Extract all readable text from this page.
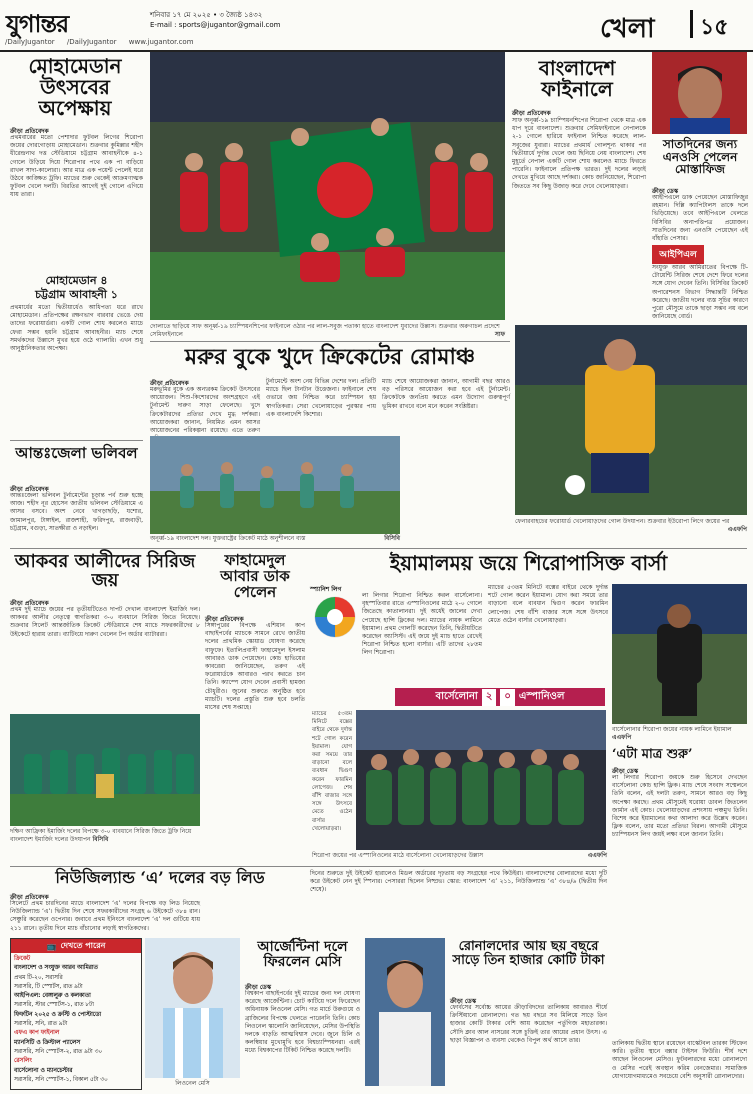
যুগান্তর	শনিবার ১৭ মে ২০২৫ • ৩ জ্যৈষ্ঠ ১৪৩২
E-mail : sports@jugantor@gmail.com
/DailyJugantor /DailyJugantor www.jugantor.com	খেলা ১৫
মোহামেডান উৎসবের অপেক্ষায়
ক্রীড়া প্রতিবেদক
প্রথমবারের মতো পেশাদার ফুটবল লিগের শিরোপা জয়ের দোরগোড়ায় মোহামেডান। শুক্রবার কুমিল্লার শহীদ ধীরেন্দ্রনাথ দত্ত স্টেডিয়ামে চট্টগ্রাম আবাহনীকে ৪-১ গোলে উড়িয়ে দিয়ে শিরোপার পথে এক পা বাড়িয়ে রাখল সাদা-কালোরা। আর মাত্র এক পয়েন্ট পেলেই ঘরে উঠবে কাঙ্ক্ষিত ট্রফি। ম্যাচের শুরু থেকেই আক্রমণাত্মক ফুটবল খেলে দলটি। বিরতির আগেই দুই গোলে এগিয়ে যায় তারা।
মোহামেডান ৪
চট্টগ্রাম আবাহনী ১
প্রথমার্ধের মতো দ্বিতীয়ার্ধেও আধিপত্য ধরে রাখে মোহামেডান। প্রতিপক্ষের রক্ষণভাগ বারবার ভেঙে দেয় তাদের ফরোয়ার্ডরা। একটি গোল শোধ করলেও ম্যাচে ফেরা সম্ভব হয়নি চট্টগ্রাম আবাহনীর। ম্যাচ শেষে সমর্থকদের উল্লাসে মুখর হয়ে ওঠে গ্যালারি। এখন শুধু আনুষ্ঠানিকতার অপেক্ষা।
আন্তঃজেলা ভলিবল
ক্রীড়া প্রতিবেদক
আন্তঃজেলা ভলিবল টুর্নামেন্টের চূড়ান্ত পর্ব শুরু হচ্ছে আজ। শহীদ নূর হোসেন জাতীয় ভলিবল স্টেডিয়ামে এ আসর বসবে। অংশ নেবে খাগড়াছড়ি, যশোর, জামালপুর, টাঙ্গাইল, রাজশাহী, ফরিদপুর, রাজবাড়ী, চট্টগ্রাম, বগুড়া, সাতক্ষীরা ও নড়াইল।
দোলাতে ছাড়িয়ে সাফ অনূর্ধ্ব-১৯ চ্যাম্পিয়নশিপের ফাইনালে ওঠার পর লাল-সবুজ পতাকা হাতে বাংলাদেশ যুবাদের উল্লাস। শুক্রবার অরুণাচল প্রদেশে সেমিফাইনালে	সাফ
বাংলাদেশ ফাইনালে
ক্রীড়া প্রতিবেদক
সাফ অনূর্ধ্ব-১৯ চ্যাম্পিয়নশিপের শিরোপা থেকে মাত্র এক ধাপ দূরে বাংলাদেশ। শুক্রবার সেমিফাইনালে নেপালকে ২-১ গোলে হারিয়ে ফাইনাল নিশ্চিত করেছে লাল-সবুজের যুবারা। ম্যাচের প্রথমার্ধ গোলশূন্য থাকার পর দ্বিতীয়ার্ধে দুর্দান্ত খেলে জয় ছিনিয়ে নেয় বাংলাদেশ। শেষ মুহূর্তে নেপাল একটি গোল শোধ করলেও ম্যাচে ফিরতে পারেনি। ফাইনালে প্রতিপক্ষ ভারত। দুই দলের লড়াই দেখতে মুখিয়ে আছে দর্শকরা। কোচ জানিয়েছেন, শিরোপা জিততে সব কিছু উজাড় করে দেবে খেলোয়াড়রা।
সাতদিনের জন্য এনওসি পেলেন মোস্তাফিজ
ক্রীড়া ডেস্ক
আইপিএলে ডাক পেয়েছেন মোস্তাফিজুর রহমান। দিল্লি ক্যাপিটালস তাকে দলে ভিড়িয়েছে। তবে আইপিএলে খেলতে বিসিবির অনাপত্তিপত্র প্রয়োজন। সাতদিনের জন্য এনওসি পেয়েছেন এই বাঁহাতি পেসার।
আইপিএল
সংযুক্ত আরব আমিরাতের বিপক্ষে টি-টোয়েন্টি সিরিজ শেষে দেশে ফিরে দলের সঙ্গে যোগ দেবেন তিনি। বিসিবির ক্রিকেট অপারেশনস বিভাগ সিদ্ধান্তটি নিশ্চিত করেছে। জাতীয় দলের ব্যস্ত সূচির কারণে পুরো মৌসুমে তাকে ছাড়া সম্ভব নয় বলে জানিয়েছে বোর্ড।
মরুর বুকে খুদে ক্রিকেটের রোমাঞ্চ
ক্রীড়া প্রতিবেদক
মরুভূমির বুকে এক অন্যরকম ক্রিকেট উৎসবের আয়োজন। শিশু-কিশোরদের অংশগ্রহণে এই টুর্নামেন্ট দারুণ সাড়া ফেলেছে। খুদে ক্রিকেটারদের প্রতিভা দেখে মুগ্ধ দর্শকরা। আয়োজকরা জানান, নিয়মিত এমন আসর আয়োজনের পরিকল্পনা রয়েছে। এতে তরুণ
টুর্নামেন্টে অংশ নেয় বিভিন্ন দেশের দল। প্রতিটি ম্যাচে ছিল টানটান উত্তেজনা। ফাইনালে শেষ ওভারে জয় নিশ্চিত করে চ্যাম্পিয়ন হয় স্বাগতিকরা। সেরা খেলোয়াড়ের পুরস্কার পায় এক বাংলাদেশি কিশোর।
ম্যাচ শেষে আয়োজকরা জানান, আগামী বছর আরও বড় পরিসরে আয়োজন করা হবে এই টুর্নামেন্ট। ক্রিকেটকে জনপ্রিয় করতে এমন উদ্যোগ গুরুত্বপূর্ণ ভূমিকা রাখবে বলে মনে করেন সংশ্লিষ্টরা।
অনূর্ধ্ব-১৯ বাংলাদেশ দল। যুক্তরাষ্ট্রের ক্রিকেট মাঠে অনুশীলনে ব্যস্ত	বিসিবি
ফেনারবাহচের ফরোয়ার্ড খেলোয়াড়দের গোল উদযাপন। শুক্রবার ইউরোপা লিগে জয়ের পর
এএফপি
আকবর আলীদের সিরিজ জয়
ক্রীড়া প্রতিবেদক
প্রথম দুই ম্যাচে জয়ের পর তৃতীয়টিতেও দাপট দেখাল বাংলাদেশ ইমার্জিং দল। আকবর আলীর নেতৃত্বে স্বাগতিকরা ৩-০ ব্যবধানে সিরিজ জিতে নিয়েছে। শুক্রবার সিলেট আন্তর্জাতিক ক্রিকেট স্টেডিয়ামে শেষ ম্যাচে সফরকারীদের ৮ উইকেটে হারায় তারা। ব্যাটিংয়ে দারুণ খেলেন টপ অর্ডার ব্যাটাররা।
দক্ষিণ আফ্রিকা ইমার্জিং দলের বিপক্ষে ৩-০ ব্যবধানে সিরিজ জিতে ট্রফি নিয়ে বাংলাদেশ ইমার্জিং দলের উদযাপন বিসিবি
ফাহামেদুল আবার ডাক পেলেন
ক্রীড়া প্রতিবেদক
সিঙ্গাপুরের বিপক্ষে এশিয়ান কাপ বাছাইপর্বের ম্যাচকে সামনে রেখে জাতীয় দলের প্রাথমিক স্কোয়াড ঘোষণা করেছে বাফুফে। ইতালিপ্রবাসী ফাহামেদুল ইসলাম আবারও ডাক পেয়েছেন। কোচ হাভিয়ের কাবরেরা জানিয়েছেন, তরুণ এই ফরোয়ার্ডকে আবারও পরখ করতে চান তিনি। ক্যাম্পে যোগ দেবেন প্রবাসী হামজা চৌধুরীও। জুনের শুরুতে অনুষ্ঠিত হবে ম্যাচটি। দলের প্রস্তুতি শুরু হবে চলতি মাসের শেষ সপ্তাহে।
ইয়ামালময় জয়ে শিরোপাসিক্ত বার্সা
স্প্যানিশ লিগ
লা লিগার শিরোপা নিশ্চিত করল বার্সেলোনা। বৃহস্পতিবার রাতে এস্পানিওলের মাঠে ২-০ গোলে জিতেছে কাতালানরা। দুই অর্ধেই জালের দেখা পেয়েছে হান্সি ফ্লিকের দল। ম্যাচের নায়ক লামিনে ইয়ামাল। প্রথম গোলটি করেছেন তিনি, দ্বিতীয়টিতে করেছেন অ্যাসিস্ট। এই জয়ে দুই ম্যাচ হাতে রেখেই শিরোপা নিশ্চিত হলো বার্সার। এটি তাদের ২৮তম লিগ শিরোপা।
ম্যাচের ৫৩তম মিনিটে বক্সের বাইরে থেকে দুর্দান্ত শটে গোল করেন ইয়ামাল। যোগ করা সময়ে তার বাড়ানো বলে ব্যবধান দ্বিগুণ করেন ফারমিন লোপেজ। শেষ বাঁশি বাজার সঙ্গে সঙ্গে উৎসবে মেতে ওঠেন বার্সার খেলোয়াড়রা।
বার্সেলোনা ২	০ এস্পানিওল
বার্সেলোনার শিরোপা জয়ের নায়ক লামিনে ইয়ামাল এএফপি
‘এটা মাত্র শুরু’
ক্রীড়া ডেস্ক
লা লিগার শিরোপা জয়কে শুরু হিসেবে দেখছেন বার্সেলোনা কোচ হান্সি ফ্লিক। ম্যাচ শেষে সংবাদ সম্মেলনে তিনি বলেন, এই দলটা তরুণ, সামনে আরও বড় কিছু অপেক্ষা করছে। প্রথম মৌসুমেই ঘরোয়া ডাবল জিতলেন জার্মান এই কোচ। খেলোয়াড়দের প্রশংসায় পঞ্চমুখ তিনি। বিশেষ করে ইয়ামালের কথা আলাদা করে উল্লেখ করেন। ফ্লিক বলেন, তার মতো প্রতিভা বিরল। আগামী মৌসুমে চ্যাম্পিয়নস লিগ জয়ই লক্ষ্য বলে জানান তিনি।
ম্যাচের ৫৩তম মিনিটে বক্সের বাইরে থেকে দুর্দান্ত শটে গোল করেন ইয়ামাল। যোগ করা সময়ে তার বাড়ানো বলে ব্যবধান দ্বিগুণ করেন ফারমিন লোপেজ। শেষ বাঁশি বাজার সঙ্গে সঙ্গে উৎসবে মেতে ওঠেন বার্সার খেলোয়াড়রা।
শিরোপা জয়ের পর এস্পানিওলের মাঠে বার্সেলোনা খেলোয়াড়দের উল্লাস	এএফপি
নিউজিল্যান্ড ‘এ’ দলের বড় লিড
ক্রীড়া প্রতিবেদক
সিলেটে প্রথম চারদিনের ম্যাচে বাংলাদেশ ‘এ’ দলের বিপক্ষে বড় লিড নিয়েছে নিউজিল্যান্ড ‘এ’। দ্বিতীয় দিন শেষে সফরকারীদের সংগ্রহ ৬ উইকেটে ৩৮৪ রান। সেঞ্চুরি করেছেন ওপেনার। জবাবে প্রথম ইনিংসে বাংলাদেশ ‘এ’ দল গুটিয়ে যায় ২১১ রানে। তৃতীয় দিনে ম্যাচ বাঁচানোর লড়াই স্বাগতিকদের।
দিনের শুরুতে দুই উইকেট হারালেও মিডল অর্ডারের দৃঢ়তায় বড় সংগ্রহের পথে কিউইরা। বাংলাদেশের বোলারদের মধ্যে দুটি করে উইকেট নেন দুই স্পিনার। পেসাররা ছিলেন নিষ্প্রভ। স্কোর: বাংলাদেশ ‘এ’ ২১১, নিউজিল্যান্ড ‘এ’ ৩৮৪/৬ (দ্বিতীয় দিন শেষে)।
📺 দেখতে পারেন
ক্রিকেট
বাংলাদেশ ও সংযুক্ত আরব আমিরাত
প্রথম টি-২০, সরাসরি
সরাসরি, টি স্পোর্টস, রাত ৯টা
আইপিএল: বেঙ্গালুরু ও কলকাতা
সরাসরি, স্টার স্পোর্টস-১, রাত ৮টা
ফিফটিন ২০২৫ ও ক্রস্টি ও পোস্টাডো
সরাসরি, সনি, রাত ৯টা
এফএ কাপ ফাইনাল
ম্যানসিটি ও ক্রিস্টাল প্যালেস
সরাসরি, সনি স্পোর্টস-২, রাত ৯টা ৩০
রেসলিং
বার্সেলোনা ও ম্যানচেস্টার
সরাসরি, সনি স্পোর্টস-১, বিকাল ৫টা ৩০
লিওনেল মেসি
আর্জেন্টিনা দলে ফিরলেন মেসি
ক্রীড়া ডেস্ক
বিশ্বকাপ বাছাইপর্বের দুই ম্যাচের জন্য দল ঘোষণা করেছে আর্জেন্টিনা। চোট কাটিয়ে দলে ফিরেছেন অধিনায়ক লিওনেল মেসি। গত মার্চে উরুগুয়ে ও ব্রাজিলের বিপক্ষে খেলতে পারেননি তিনি। কোচ লিওনেল স্কালোনি জানিয়েছেন, মেসির উপস্থিতি দলকে বাড়তি আত্মবিশ্বাস দেবে। জুনে চিলি ও কলম্বিয়ার মুখোমুখি হবে বিশ্বচ্যাম্পিয়নরা। এরই মধ্যে বিশ্বকাপের টিকিট নিশ্চিত করেছে দলটি।
রোনালদোর আয় ছয় বছরে সাড়ে তিন হাজার কোটি টাকা
ক্রীড়া ডেস্ক
ফোর্বসের সর্বোচ্চ আয়ের ক্রীড়াবিদদের তালিকায় আবারও শীর্ষে ক্রিস্টিয়ানো রোনালদো। গত ছয় বছরে সব মিলিয়ে সাড়ে তিন হাজার কোটি টাকার বেশি আয় করেছেন পর্তুগিজ মহাতারকা। সৌদি ক্লাব আল নাসরের সঙ্গে চুক্তিই তার আয়ের প্রধান উৎস। এ ছাড়া বিজ্ঞাপন ও ব্যবসা থেকেও বিপুল অর্থ আসে তার।	তালিকায় দ্বিতীয় স্থানে রয়েছেন বাস্কেটবল তারকা স্টিফেন কারি। তৃতীয় স্থানে বক্সার টাইসন ফিউরি। শীর্ষ দশে আছেন লিওনেল মেসিও। ফুটবলারদের মধ্যে রোনালদো ও মেসির পরেই অবস্থান করিম বেনজেমার। সামাজিক যোগাযোগমাধ্যমেও সবচেয়ে বেশি অনুসারী রোনালদোর।
